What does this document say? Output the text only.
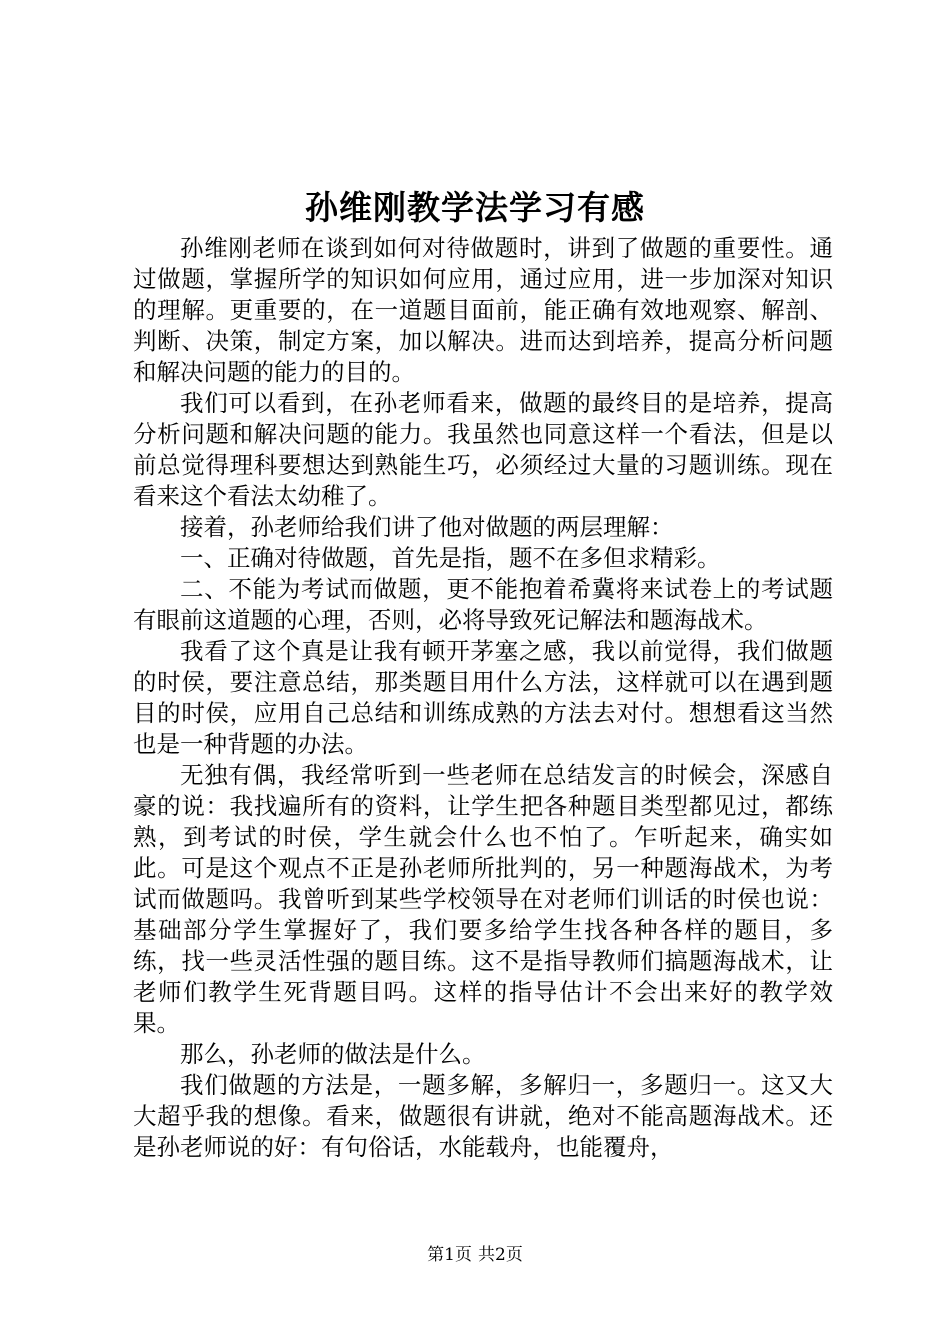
孙维刚教学法学习有感

孙维刚老师在谈到如何对待做题时，讲到了做题的重要性。通过做题，掌握所学的知识如何应用，通过应用，进一步加深对知识的理解。更重要的，在一道题目面前，能正确有效地观察、解剖、判断、决策，制定方案，加以解决。进而达到培养，提高分析问题和解决问题的能力的目的。

我们可以看到，在孙老师看来，做题的最终目的是培养，提高分析问题和解决问题的能力。我虽然也同意这样一个看法，但是以前总觉得理科要想达到熟能生巧，必须经过大量的习题训练。现在看来这个看法太幼稚了。

接着，孙老师给我们讲了他对做题的两层理解：

一、正确对待做题，首先是指，题不在多但求精彩。

二、不能为考试而做题，更不能抱着希冀将来试卷上的考试题有眼前这道题的心理，否则，必将导致死记解法和题海战术。

我看了这个真是让我有顿开茅塞之感，我以前觉得，我们做题的时侯，要注意总结，那类题目用什么方法，这样就可以在遇到题目的时侯，应用自己总结和训练成熟的方法去对付。想想看这当然也是一种背题的办法。

无独有偶，我经常听到一些老师在总结发言的时候会，深感自豪的说：我找遍所有的资料，让学生把各种题目类型都见过，都练熟，到考试的时侯，学生就会什么也不怕了。乍听起来，确实如此。可是这个观点不正是孙老师所批判的，另一种题海战术，为考试而做题吗。我曾听到某些学校领导在对老师们训话的时侯也说：基础部分学生掌握好了，我们要多给学生找各种各样的题目，多练，找一些灵活性强的题目练。这不是指导教师们搞题海战术，让老师们教学生死背题目吗。这样的指导估计不会出来好的教学效果。

那么，孙老师的做法是什么。

我们做题的方法是，一题多解，多解归一，多题归一。这又大大超乎我的想像。看来，做题很有讲就，绝对不能高题海战术。还是孙老师说的好：有句俗话，水能载舟，也能覆舟，

第1页 共2页
